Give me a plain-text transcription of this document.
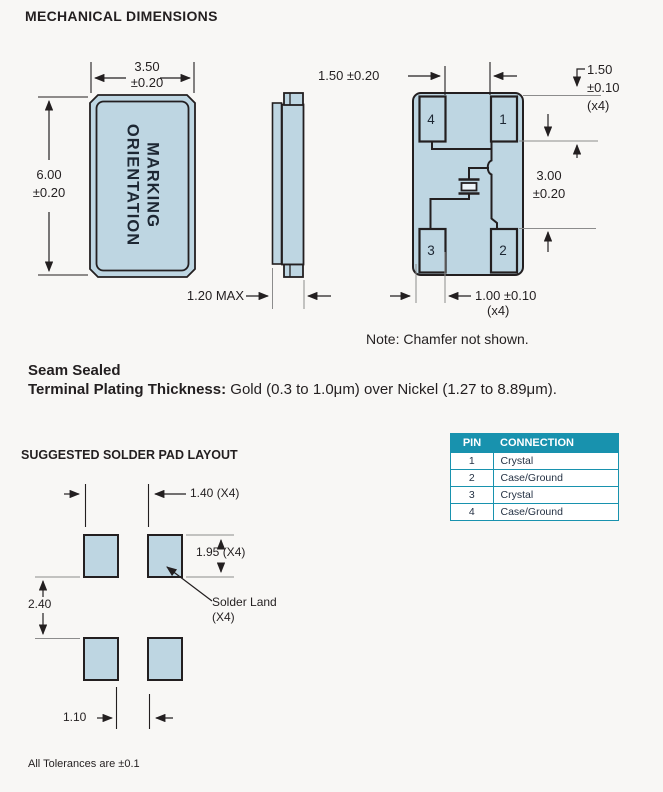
MECHANICAL DIMENSIONS
3.50
±0.20
6.00
±0.20	MARKING
ORIENTATION
1.20 MAX
1.50 ±0.20	1.50
±0.10
(x4)
3.00
±0.20
1.00 ±0.10
(x4)
Note: Chamfer not shown.
4	1
3	2
Seam Sealed
Terminal Plating Thickness: Gold (0.3 to 1.0μm) over Nickel (1.27 to 8.89μm).
SUGGESTED SOLDER PAD LAYOUT
1.40 (X4)
1.95 (X4)
2.40	Solder Land
(X4)
1.10
PIN	CONNECTION
1	Crystal
2	Case/Ground
3	Crystal
4	Case/Ground
All Tolerances are ±0.1
